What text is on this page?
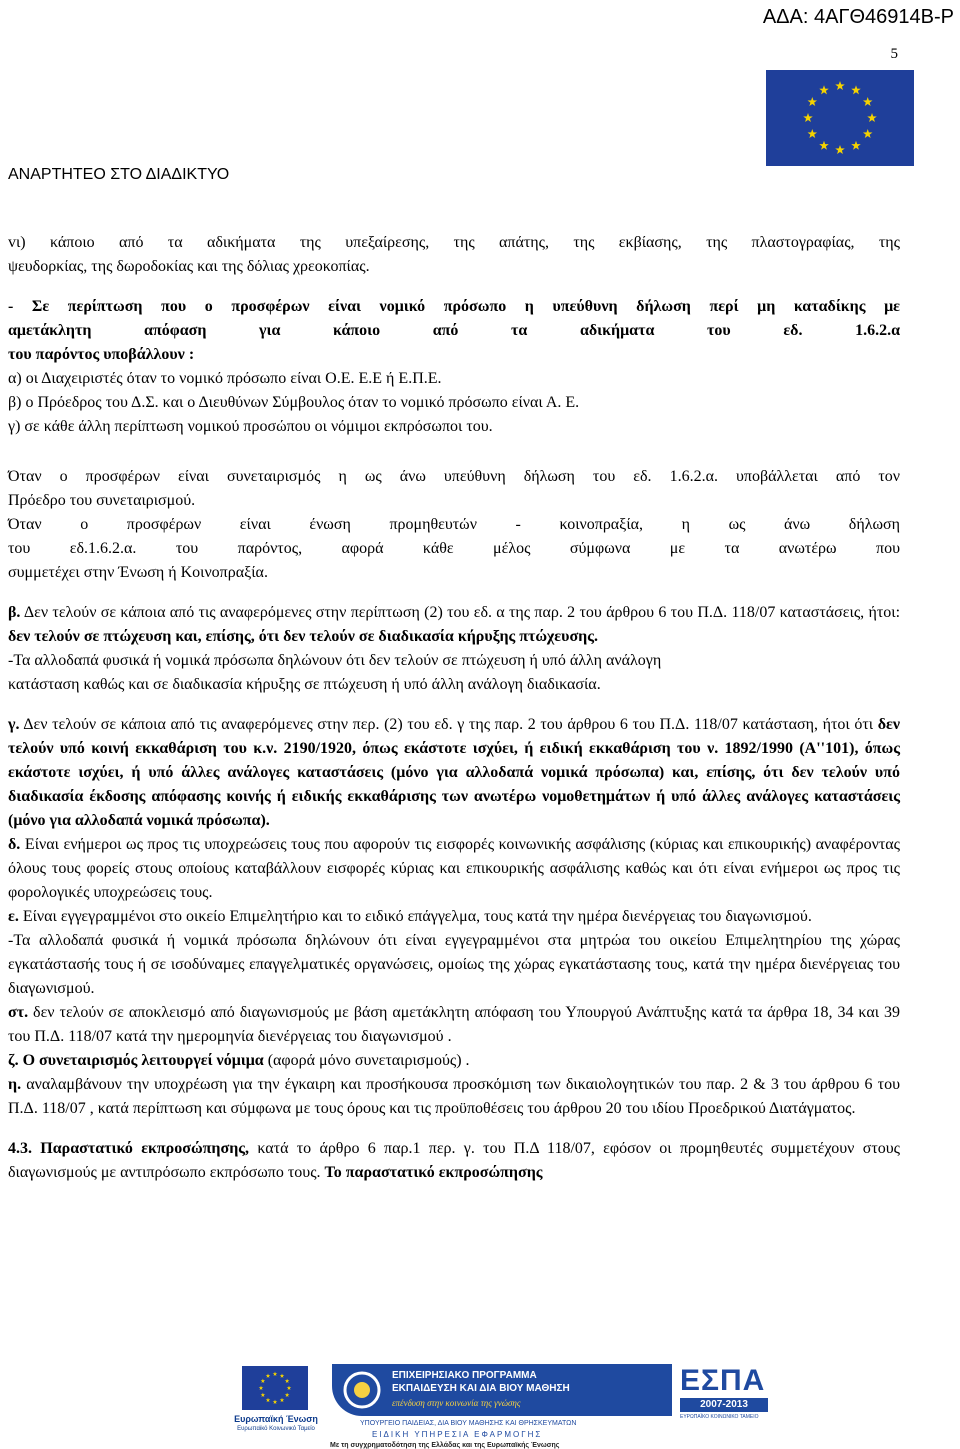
ΑΔΑ: 4ΑΓΘ46914Β-Ρ
5
ΑΝΑΡΤΗΤΕΟ ΣΤΟ ΔΙΑΔΙΚΤΥΟ

vι) κάποιο από τα αδικήματα της υπεξαίρεσης, της απάτης, της εκβίασης, της πλαστογραφίας, της

ψευδορκίας, της δωροδοκίας και της δόλιας χρεοκοπίας.

- Σε περίπτωση που ο προσφέρων είναι νομικό πρόσωπο η υπεύθυνη δήλωση περί μη καταδίκης με

αμετάκλητη απόφαση για κάποιο από τα αδικήματα του εδ. 1.6.2.α

του παρόντος υποβάλλουν :

α) οι Διαχειριστές όταν το νομικό πρόσωπο είναι Ο.Ε. Ε.Ε ή Ε.Π.Ε.

β) ο Πρόεδρος του Δ.Σ. και ο Διευθύνων Σύμβουλος όταν το νομικό πρόσωπο είναι Α. Ε.

γ) σε κάθε άλλη περίπτωση νομικού προσώπου οι νόμιμοι εκπρόσωποι του.

Όταν ο προσφέρων είναι συνεταιρισμός η ως άνω υπεύθυνη δήλωση του εδ. 1.6.2.α. υποβάλλεται από τον

Πρόεδρο του συνεταιρισμού.

Όταν ο προσφέρων είναι ένωση προμηθευτών - κοινοπραξία, η ως άνω δήλωση

του εδ.1.6.2.α. του παρόντος, αφορά κάθε μέλος σύμφωνα με τα ανωτέρω που

συμμετέχει στην Ένωση ή Κοινοπραξία.

β. Δεν τελούν σε κάποια από τις αναφερόμενες στην περίπτωση (2) του εδ. α της παρ. 2 του άρθρου 6 του Π.Δ. 118/07 καταστάσεις, ήτοι: δεν τελούν σε πτώχευση και, επίσης, ότι δεν τελούν σε διαδικασία κήρυξης πτώχευσης.

-Τα αλλοδαπά φυσικά ή νομικά πρόσωπα δηλώνουν ότι δεν τελούν σε πτώχευση ή υπό άλλη ανάλογη

κατάσταση καθώς και σε διαδικασία κήρυξης σε πτώχευση ή υπό άλλη ανάλογη διαδικασία.

γ. Δεν τελούν σε κάποια από τις αναφερόμενες στην περ. (2) του εδ. γ της παρ. 2 του άρθρου 6 του Π.Δ. 118/07 κατάσταση, ήτοι ότι δεν τελούν υπό κοινή εκκαθάριση του κ.ν. 2190/1920, όπως εκάστοτε ισχύει, ή ειδική εκκαθάριση του ν. 1892/1990 (Α''101), όπως εκάστοτε ισχύει, ή υπό άλλες ανάλογες καταστάσεις (μόνο για αλλοδαπά νομικά πρόσωπα) και, επίσης, ότι δεν τελούν υπό διαδικασία έκδοσης απόφασης κοινής ή ειδικής εκκαθάρισης των ανωτέρω νομοθετημάτων ή υπό άλλες ανάλογες καταστάσεις (μόνο για αλλοδαπά νομικά πρόσωπα).

δ. Είναι ενήμεροι ως προς τις υποχρεώσεις τους που αφορούν τις εισφορές κοινωνικής ασφάλισης (κύριας και επικουρικής) αναφέροντας όλους τους φορείς στους οποίους καταβάλλουν εισφορές κύριας και επικουρικής ασφάλισης καθώς και ότι είναι ενήμεροι ως προς τις φορολογικές υποχρεώσεις τους.

ε. Είναι εγγεγραμμένοι στο οικείο Επιμελητήριο και το ειδικό επάγγελμα, τους κατά την ημέρα διενέργειας του διαγωνισμού.

-Τα αλλοδαπά φυσικά ή νομικά πρόσωπα δηλώνουν ότι είναι εγγεγραμμένοι στα μητρώα του οικείου Επιμελητηρίου της χώρας εγκατάστασής τους ή σε ισοδύναμες επαγγελματικές οργανώσεις, ομοίως της χώρας εγκατάστασης τους, κατά την ημέρα διενέργειας του διαγωνισμού.

στ. δεν τελούν σε αποκλεισμό από διαγωνισμούς με βάση αμετάκλητη απόφαση του Υπουργού Ανάπτυξης κατά τα άρθρα 18, 34 και 39 του Π.Δ. 118/07 κατά την ημερομηνία διενέργειας του διαγωνισμού .

ζ. Ο συνεταιρισμός λειτουργεί νόμιμα (αφορά μόνο συνεταιρισμούς) .

η. αναλαμβάνουν την υποχρέωση για την έγκαιρη και προσήκουσα προσκόμιση των δικαιολογητικών του παρ. 2 & 3 του άρθρου 6 του Π.Δ. 118/07 , κατά περίπτωση και σύμφωνα με τους όρους και τις προϋποθέσεις του άρθρου 20 του ιδίου Προεδρικού Διατάγματος.

4.3. Παραστατικό εκπροσώπησης, κατά το άρθρο 6 παρ.1 περ. γ. του Π.Δ 118/07, εφόσον οι προμηθευτές συμμετέχουν στους διαγωνισμούς με αντιπρόσωπο εκπρόσωπο τους. Το παραστατικό εκπροσώπησης

Ευρωπαϊκή Ένωση
Ευρωπαϊκό Κοινωνικό Ταμείο
ΕΠΙΧΕΙΡΗΣΙΑΚΟ ΠΡΟΓΡΑΜΜΑ
ΕΚΠΑΙΔΕΥΣΗ ΚΑΙ ΔΙΑ ΒΙΟΥ ΜΑΘΗΣΗ
επένδυση στην κοινωνία της γνώσης
ΥΠΟΥΡΓΕΙΟ ΠΑΙΔΕΙΑΣ, ΔΙΑ ΒΙΟΥ ΜΑΘΗΣΗΣ ΚΑΙ ΘΡΗΣΚΕΥΜΑΤΩΝ
ΕΙΔΙΚΗ ΥΠΗΡΕΣΙΑ ΕΦΑΡΜΟΓΗΣ
ΕΣΠΑ
2007-2013
ΕΥΡΩΠΑΪΚΟ ΚΟΙΝΩΝΙΚΟ ΤΑΜΕΙΟ
Με τη συγχρηματοδότηση της Ελλάδας και της Ευρωπαϊκής Ένωσης
